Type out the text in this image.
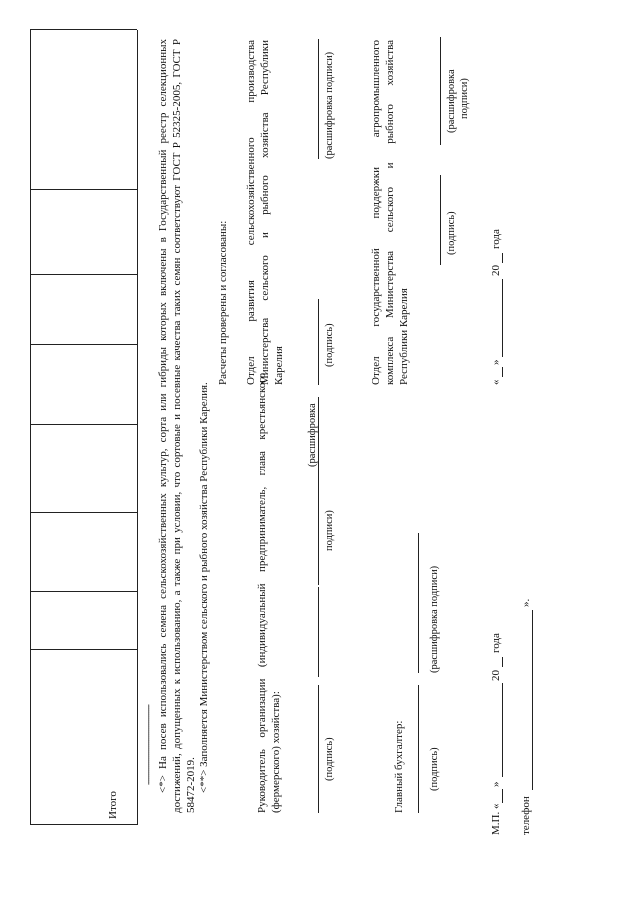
Итого
---------------------------------------- <*> На посев использовались семена сельскохозяйственных культур, сорта или гибриды которых включены в Государственный реестр селекционных достижений, допущенных к использованию, а также при условии, что сортовые и посевные качества таких семян соответствуют ГОСТ Р 52325-2005, ГОСТ Р 58472-2019. <**> Заполняется Министерством сельского и рыбного хозяйства Республики Карелия.	Руководитель организации (индивидуальный предприниматель, глава крестьянского (фермерского) хозяйства):	(подпись)
подписи)
(расшифровка
Расчеты проверены и согласованы: Отдел развития сельскохозяйственного производства Министерства сельского и рыбного хозяйства Республики Карелия	(подпись)
(расшифровка подписи)	Отдел государственной поддержки агропромышленного комплекса Министерства сельского и рыбного хозяйства Республики Карелия
(подпись)
(расшифровка подписи)
«
»
20
года
Главный бухгалтер: (подпись)
(расшифровка подписи)
М.П. «
»
20
года
телефон
».
